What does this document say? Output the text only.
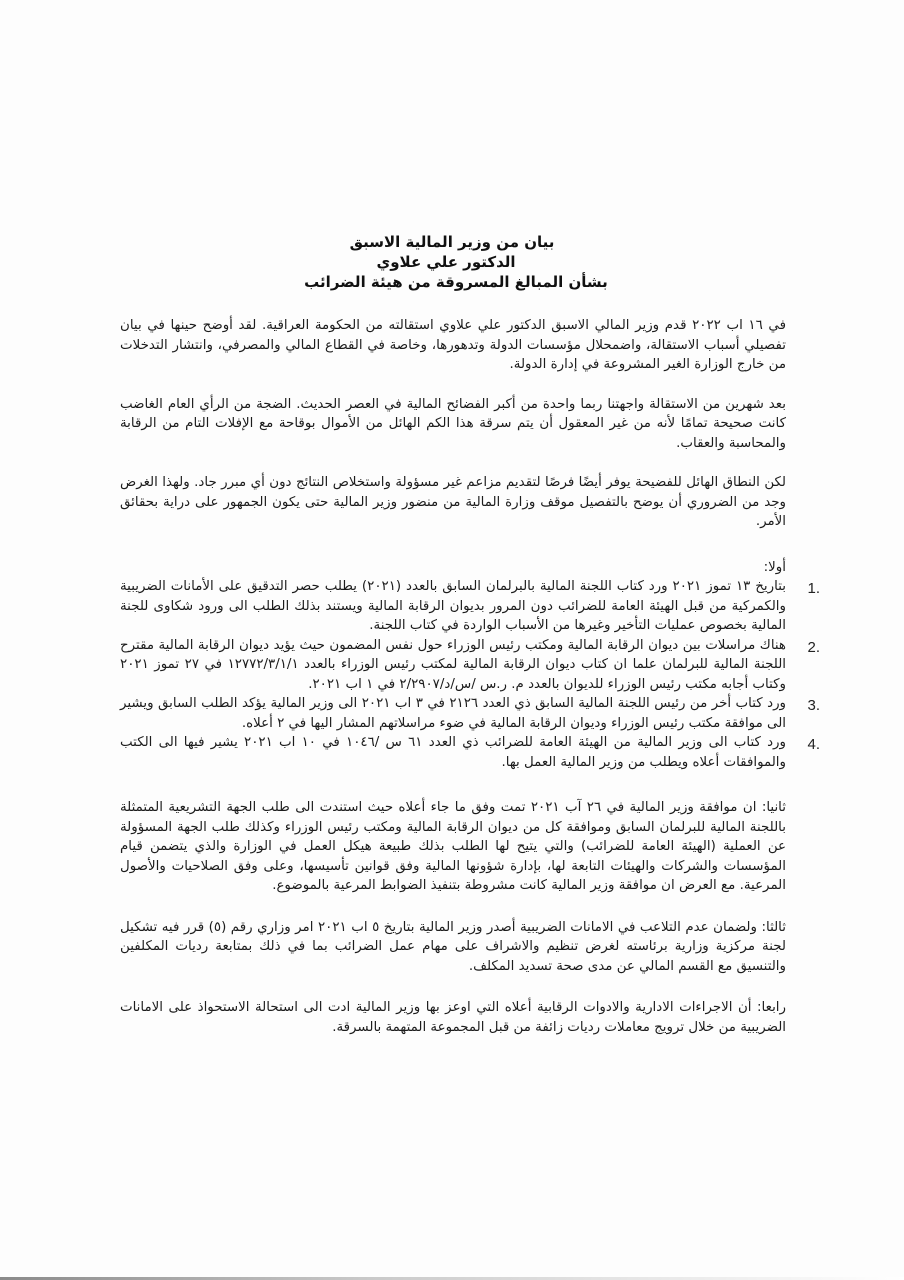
بيان من وزير المالية الاسبق
الدكتور علي علاوي
بشأن المبالغ المسروقة من هيئة الضرائب

في ١٦ اب ٢٠٢٢ قدم وزير المالي الاسبق الدكتور علي علاوي استقالته من الحكومة العراقية. لقد أوضح حينها في بيان تفصيلي أسباب الاستقالة، واضمحلال مؤسسات الدولة وتدهورها، وخاصة في القطاع المالي والمصرفي، وانتشار التدخلات من خارج الوزارة الغير المشروعة في إدارة الدولة.

بعد شهرين من الاستقالة واجهتنا ربما واحدة من أكبر الفضائح المالية في العصر الحديث. الضجة من الرأي العام الغاضب كانت صحيحة تمامًا لأنه من غير المعقول أن يتم سرقة هذا الكم الهائل من الأموال بوقاحة مع الإفلات التام من الرقابة والمحاسبة والعقاب.

لكن النطاق الهائل للفضيحة يوفر أيضًا فرصًا لتقديم مزاعم غير مسؤولة واستخلاص النتائج دون أي مبرر جاد. ولهذا الغرض وجد من الضروري أن يوضح بالتفصيل موقف وزارة المالية من منضور وزير المالية حتى يكون الجمهور على دراية بحقائق الأمر.

أولا:
1.
بتاريخ ١٣ تموز ٢٠٢١ ورد كتاب اللجنة المالية بالبرلمان السابق بالعدد (٢٠٢١) يطلب حصر التدقيق على الأمانات الضريبية والكمركية من قبل الهيئة العامة للضرائب دون المرور بديوان الرقابة المالية ويستند بذلك الطلب الى ورود شكاوى للجنة المالية بخصوص عمليات التأخير وغيرها من الأسباب الواردة في كتاب اللجنة.
2.
هناك مراسلات بين ديوان الرقابة المالية ومكتب رئيس الوزراء حول نفس المضمون حيث يؤيد ديوان الرقابة المالية مقترح اللجنة المالية للبرلمان علما ان كتاب ديوان الرقابة المالية لمكتب رئيس الوزراء بالعدد ١٢٧٧٢/٣/١/١ في ٢٧ تموز ٢٠٢١ وكتاب أجابه مكتب رئيس الوزراء للديوان بالعدد م. ر.س /س/د/٢/٢٩٠٧ في ١ اب ٢٠٢١.
3.
ورد كتاب أخر من رئيس اللجنة المالية السابق ذي العدد ٢١٢٦ في ٣ اب ٢٠٢١ الى وزير المالية يؤكد الطلب السابق ويشير الى موافقة مكتب رئيس الوزراء وديوان الرقابة المالية في ضوء مراسلاتهم المشار اليها في ٢ أعلاه.
4.
ورد كتاب الى وزير المالية من الهيئة العامة للضرائب ذي العدد ٦١ س /١٠٤٦ في ١٠ اب ٢٠٢١ يشير فيها الى الكتب والموافقات أعلاه ويطلب من وزير المالية العمل بها.

ثانيا: ان موافقة وزير المالية في ٢٦ آب ٢٠٢١ تمت وفق ما جاء أعلاه حيث استندت الى طلب الجهة التشريعية المتمثلة باللجنة المالية للبرلمان السابق وموافقة كل من ديوان الرقابة المالية ومكتب رئيس الوزراء وكذلك طلب الجهة المسؤولة عن العملية (الهيئة العامة للضرائب) والتي يتيح لها الطلب بذلك طبيعة هيكل العمل في الوزارة والذي يتضمن قيام المؤسسات والشركات والهيئات التابعة لها، بإدارة شؤونها المالية وفق قوانين تأسيسها، وعلى وفق الصلاحيات والأصول المرعية. مع العرض ان موافقة وزير المالية كانت مشروطة بتنفيذ الضوابط المرعية بالموضوع.

ثالثا: ولضمان عدم التلاعب في الامانات الضريبية أصدر وزير المالية بتاريخ ٥ اب ٢٠٢١ امر وزاري رقم (٥) قرر فيه تشكيل لجنة مركزية وزارية برئاسته لغرض تنظيم والاشراف على مهام عمل الضرائب بما في ذلك بمتابعة رديات المكلفين والتنسيق مع القسم المالي عن مدى صحة تسديد المكلف.

رابعا: أن الاجراءات الادارية والادوات الرقابية أعلاه التي اوعز بها وزير المالية ادت الى استحالة الاستحواذ على الامانات الضريبية من خلال ترويج معاملات رديات زائفة من قبل المجموعة المتهمة بالسرقة.
